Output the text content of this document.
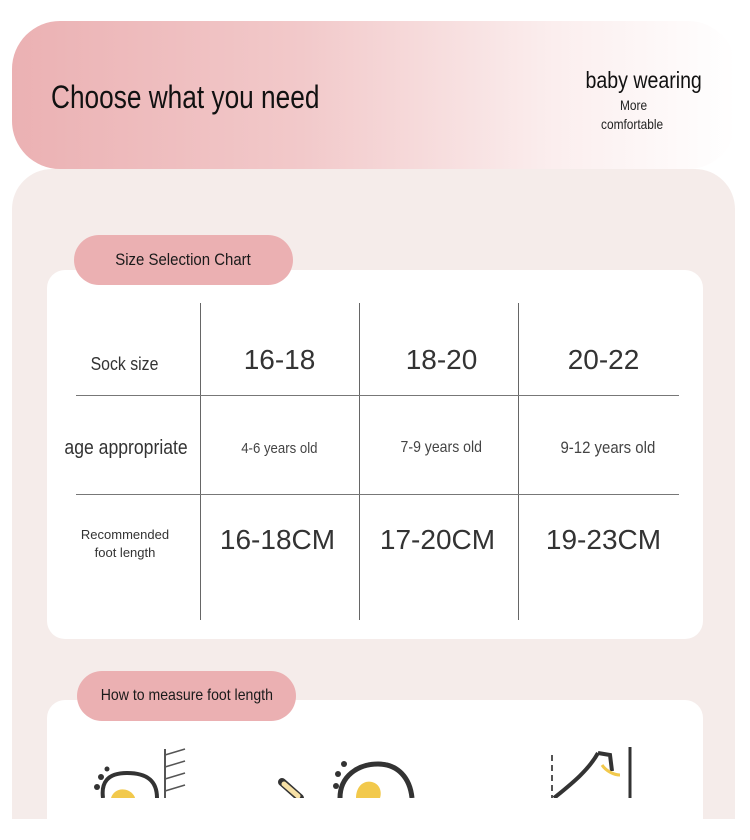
Choose what you need	baby wearing
More
comfortable
Size Selection Chart
Sock size	16-18	18-20	20-22
age appropriate	4-6 years old	7-9 years old	9-12 years old
Recommended foot length	16-18CM 17-20CM 19-23CM
How to measure foot length
